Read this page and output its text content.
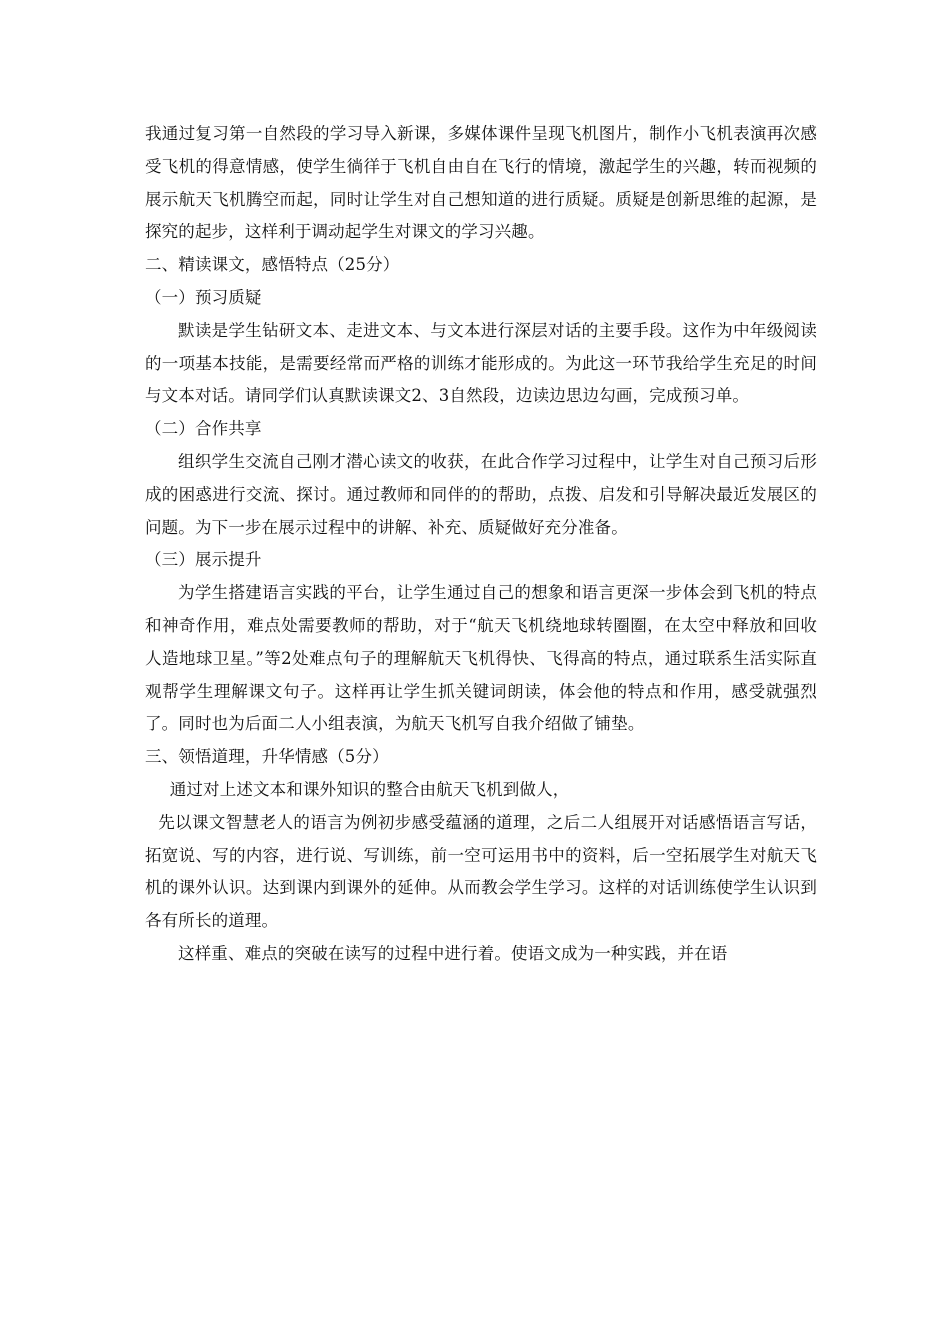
我通过复习第一自然段的学习导入新课，多媒体课件呈现飞机图片，制作小飞机表演再次感受飞机的得意情感，使学生徜徉于飞机自由自在飞行的情境，激起学生的兴趣，转而视频的展示航天飞机腾空而起，同时让学生对自己想知道的进行质疑。质疑是创新思维的起源，是探究的起步，这样利于调动起学生对课文的学习兴趣。

二、精读课文，感悟特点（25分）

（一）预习质疑

默读是学生钻研文本、走进文本、与文本进行深层对话的主要手段。这作为中年级阅读的一项基本技能，是需要经常而严格的训练才能形成的。为此这一环节我给学生充足的时间与文本对话。请同学们认真默读课文2、3自然段，边读边思边勾画，完成预习单。

（二）合作共享

组织学生交流自己刚才潜心读文的收获，在此合作学习过程中，让学生对自己预习后形成的困惑进行交流、探讨。通过教师和同伴的的帮助，点拨、启发和引导解决最近发展区的问题。为下一步在展示过程中的讲解、补充、质疑做好充分准备。

（三）展示提升

为学生搭建语言实践的平台，让学生通过自己的想象和语言更深一步体会到飞机的特点和神奇作用，难点处需要教师的帮助，对于“航天飞机绕地球转圈圈，在太空中释放和回收人造地球卫星。”等2处难点句子的理解航天飞机得快、飞得高的特点，通过联系生活实际直观帮学生理解课文句子。这样再让学生抓关键词朗读，体会他的特点和作用，感受就强烈了。同时也为后面二人小组表演，为航天飞机写自我介绍做了铺垫。

三、领悟道理，升华情感（5分）

通过对上述文本和课外知识的整合由航天飞机到做人，

先以课文智慧老人的语言为例初步感受蕴涵的道理，之后二人组展开对话感悟语言写话，拓宽说、写的内容，进行说、写训练，前一空可运用书中的资料，后一空拓展学生对航天飞机的课外认识。达到课内到课外的延伸。从而教会学生学习。这样的对话训练使学生认识到各有所长的道理。

这样重、难点的突破在读写的过程中进行着。使语文成为一种实践，并在语
